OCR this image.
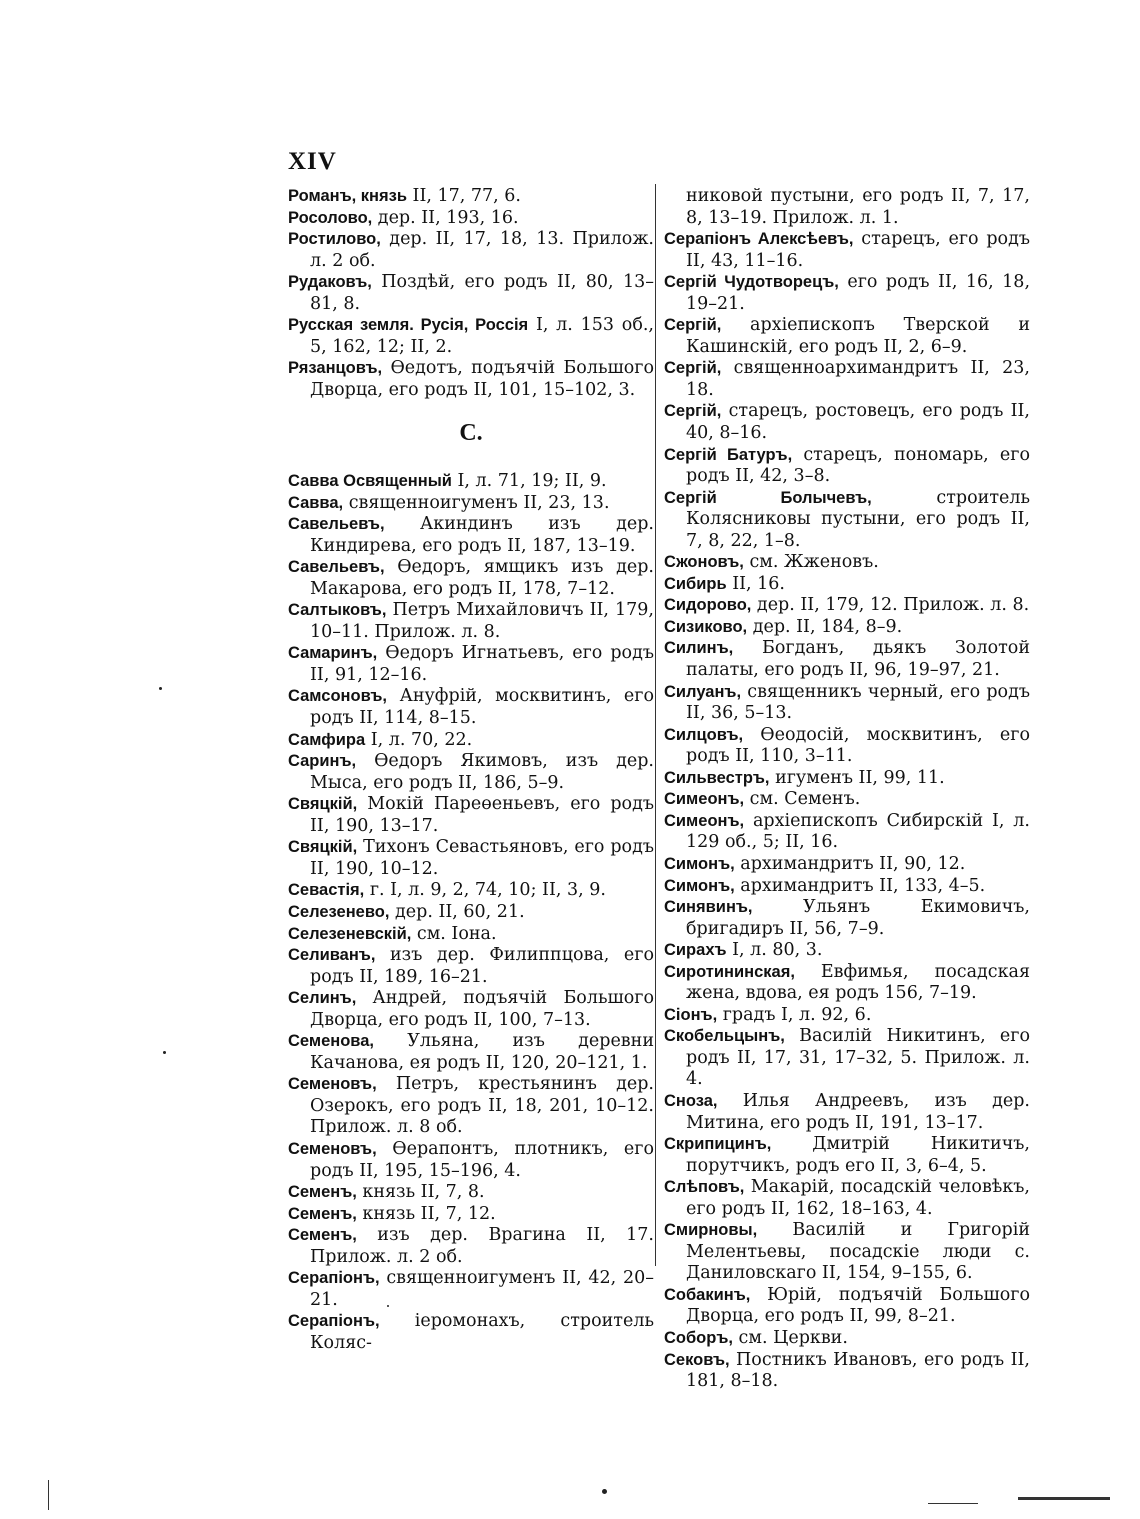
XIV

Романъ, князь II, 17, 77, 6.

Росолово, дер. II, 193, 16.

Ростилово, дер. II, 17, 18, 13. Прилож. л. 2 об.

Рудаковъ, Поздѣй, его родъ II, 80, 13–81, 8.

Русская земля. Русія, Россія I, л. 153 об., 5, 162, 12; II, 2.

Рязанцовъ, Өедотъ, подъячій Большого Дворца, его родъ II, 101, 15–102, 3.

С.

Савва Освященный I, л. 71, 19; II, 9.

Савва, священноигуменъ II, 23, 13.

Савельевъ, Акиндинъ изъ дер. Киндирева, его родъ II, 187, 13–19.

Савельевъ, Өедоръ, ямщикъ изъ дер. Макарова, его родъ II, 178, 7–12.

Салтыковъ, Петръ Михайловичъ II, 179, 10–11. Прилож. л. 8.

Самаринъ, Өедоръ Игнатьевъ, его родъ II, 91, 12–16.

Самсоновъ, Ануфрій, москвитинъ, его родъ II, 114, 8–15.

Самфира I, л. 70, 22.

Саринъ, Өедоръ Якимовъ, изъ дер. Мыса, его родъ II, 186, 5–9.

Свяцкій, Мокій Пареөеньевъ, его родъ II, 190, 13–17.

Свяцкій, Тихонъ Севастьяновъ, его родъ II, 190, 10–12.

Севастія, г. I, л. 9, 2, 74, 10; II, 3, 9.

Селезенево, дер. II, 60, 21.

Селезеневскій, см. Іона.

Селиванъ, изъ дер. Филиппцова, его родъ II, 189, 16–21.

Селинъ, Андрей, подъячій Большого Дворца, его родъ II, 100, 7–13.

Семенова, Ульяна, изъ деревни Качанова, ея родъ II, 120, 20–121, 1.

Семеновъ, Петръ, крестьянинъ дер. Озерокъ, его родъ II, 18, 201, 10–12. Прилож. л. 8 об.

Семеновъ, Өерапонтъ, плотникъ, его родъ II, 195, 15–196, 4.

Семенъ, князь II, 7, 8.

Семенъ, князь II, 7, 12.

Семенъ, изъ дер. Врагина II, 17. Прилож. л. 2 об.

Серапіонъ, священноигуменъ II, 42, 20–21.

Серапіонъ, іеромонахъ, строитель Коляс-

никовой пустыни, его родъ II, 7, 17, 8, 13–19. Прилож. л. 1.

Серапіонъ Алексѣевъ, старецъ, его родъ II, 43, 11–16.

Сергій Чудотворецъ, его родъ II, 16, 18, 19–21.

Сергій, архіепископъ Тверской и Кашинскій, его родъ II, 2, 6–9.

Сергій, священноархимандритъ II, 23, 18.

Сергій, старецъ, ростовецъ, его родъ II, 40, 8–16.

Сергій Батуръ, старецъ, пономарь, его родъ II, 42, 3–8.

Сергій Болычевъ, строитель Колясниковы пустыни, его родъ II, 7, 8, 22, 1–8.

Сжоновъ, см. Жженовъ.

Сибирь II, 16.

Сидорово, дер. II, 179, 12. Прилож. л. 8.

Сизиково, дер. II, 184, 8–9.

Силинъ, Богданъ, дьякъ Золотой палаты, его родъ II, 96, 19–97, 21.

Силуанъ, священникъ черный, его родъ II, 36, 5–13.

Силцовъ, Өеодосій, москвитинъ, его родъ II, 110, 3–11.

Сильвестръ, игуменъ II, 99, 11.

Симеонъ, см. Семенъ.

Симеонъ, архіепископъ Сибирскій I, л. 129 об., 5; II, 16.

Симонъ, архимандритъ II, 90, 12.

Симонъ, архимандритъ II, 133, 4–5.

Синявинъ, Ульянъ Екимовичъ, бригадиръ II, 56, 7–9.

Сирахъ I, л. 80, 3.

Сиротининская, Евфимья, посадская жена, вдова, ея родъ 156, 7–19.

Сіонъ, градъ I, л. 92, 6.

Скобельцынъ, Василій Никитинъ, его родъ II, 17, 31, 17–32, 5. Прилож. л. 4.

Сноза, Илья Андреевъ, изъ дер. Митина, его родъ II, 191, 13–17.

Скрипицинъ, Дмитрій Никитичъ, порутчикъ, родъ его II, 3, 6–4, 5.

Слѣповъ, Макарій, посадскій человѣкъ, его родъ II, 162, 18–163, 4.

Смирновы, Василій и Григорій Мелентьевы, посадскіе люди с. Даниловскаго II, 154, 9–155, 6.

Собакинъ, Юрій, подъячій Большого Дворца, его родъ II, 99, 8–21.

Соборъ, см. Церкви.

Сековъ, Постникъ Ивановъ, его родъ II, 181, 8–18.
